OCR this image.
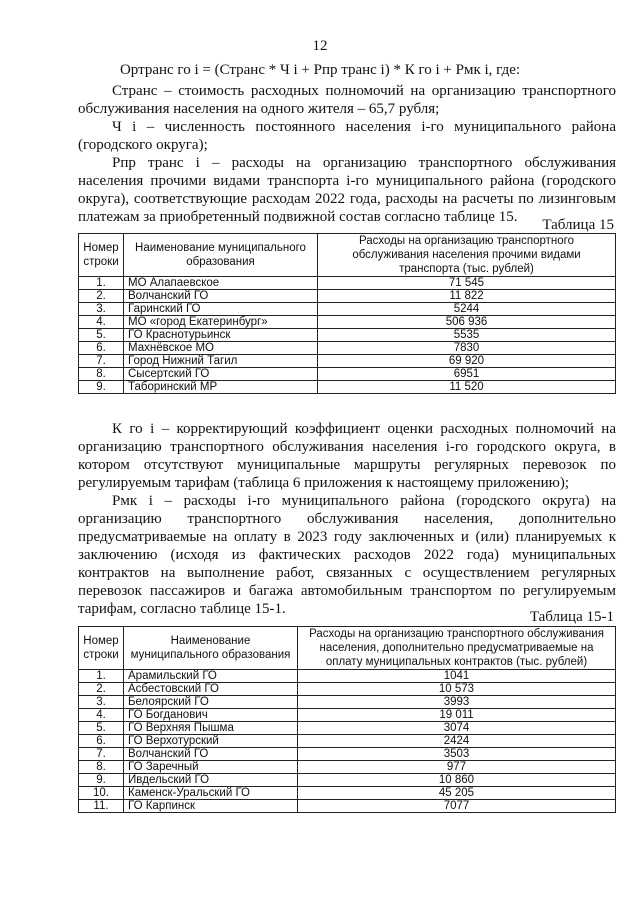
12
Ортранс го i = (Странс * Ч i + Рпр транс i) * К го i + Рмк i, где:

Странс – стоимость расходных полномочий на организацию транспортного обслуживания населения на одного жителя – 65,7 рубля;

Ч i – численность постоянного населения i-го муниципального района (городского округа);

Рпр транс i – расходы на организацию транспортного обслуживания населения прочими видами транспорта i-го муниципального района (городского округа), соответствующие расходам 2022 года, расходы на расчеты по лизинговым платежам за приобретенный подвижной состав согласно таблице 15.	Таблица 15
Номер строки	Наименование муниципального образования	Расходы на организацию транспортного обслуживания населения прочими видами транспорта (тыс. рублей)
1.	МО Алапаевское	71 545
2.	Волчанский ГО	11 822
3.	Гаринский ГО	5244
4.	МО «город Екатеринбург»	506 936
5.	ГО Краснотурьинск	5535
6.	Махнёвское МО	7830
7.	Город Нижний Тагил	69 920
8.	Сысертский ГО	6951
9.	Таборинский МР	11 520

К го i – корректирующий коэффициент оценки расходных полномочий на организацию транспортного обслуживания населения i-го городского округа, в котором отсутствуют муниципальные маршруты регулярных перевозок по регулируемым тарифам (таблица 6 приложения к настоящему приложению);

Рмк i – расходы i-го муниципального района (городского округа) на организацию транспортного обслуживания населения, дополнительно предусматриваемые на оплату в 2023 году заключенных и (или) планируемых к заключению (исходя из фактических расходов 2022 года) муниципальных контрактов на выполнение работ, связанных с осуществлением регулярных перевозок пассажиров и багажа автомобильным транспортом по регулируемым тарифам, согласно таблице 15-1.	Таблица 15-1
Номер строки	Наименование муниципального образования	Расходы на организацию транспортного обслуживания населения, дополнительно предусматриваемые на оплату муниципальных контрактов (тыс. рублей)
1.	Арамильский ГО	1041
2.	Асбестовский ГО	10 573
3.	Белоярский ГО	3993
4.	ГО Богданович	19 011
5.	ГО Верхняя Пышма	3074
6.	ГО Верхотурский	2424
7.	Волчанский ГО	3503
8.	ГО Заречный	977
9.	Ивдельский ГО	10 860
10.	Каменск-Уральский ГО	45 205
11.	ГО Карпинск	7077
